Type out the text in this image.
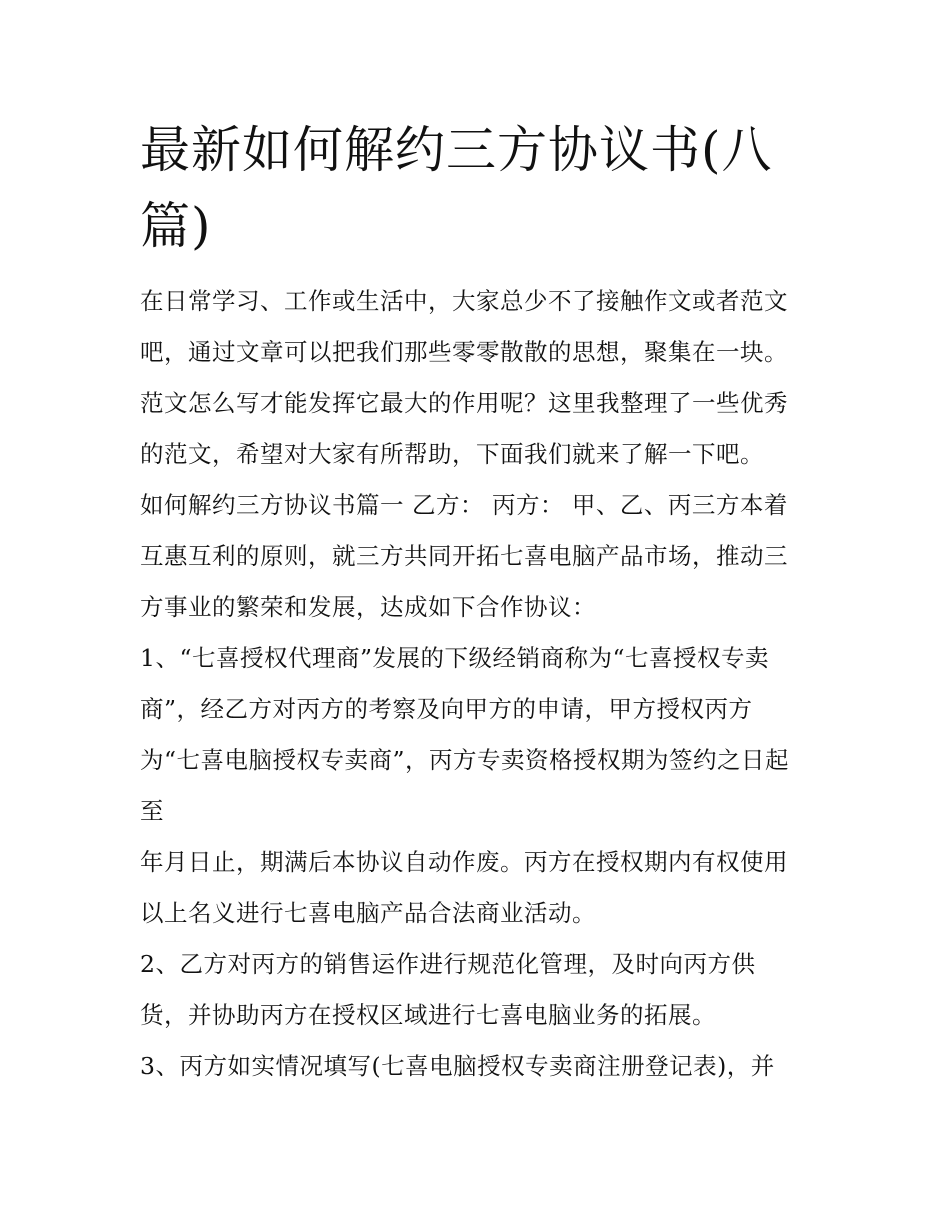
最新如何解约三方协议书(八
篇)
在日常学习、工作或生活中，大家总少不了接触作文或者范文
吧，通过文章可以把我们那些零零散散的思想，聚集在一块。
范文怎么写才能发挥它最大的作用呢？这里我整理了一些优秀
的范文，希望对大家有所帮助，下面我们就来了解一下吧。
如何解约三方协议书篇一 乙方： 丙方： 甲、乙、丙三方本着
互惠互利的原则，就三方共同开拓七喜电脑产品市场，推动三
方事业的繁荣和发展，达成如下合作协议：
1、“七喜授权代理商”发展的下级经销商称为“七喜授权专卖
商”，经乙方对丙方的考察及向甲方的申请，甲方授权丙方
为“七喜电脑授权专卖商”，丙方专卖资格授权期为签约之日起
至
年月日止，期满后本协议自动作废。丙方在授权期内有权使用
以上名义进行七喜电脑产品合法商业活动。
2、乙方对丙方的销售运作进行规范化管理，及时向丙方供
货，并协助丙方在授权区域进行七喜电脑业务的拓展。
3、丙方如实情况填写(七喜电脑授权专卖商注册登记表)，并
